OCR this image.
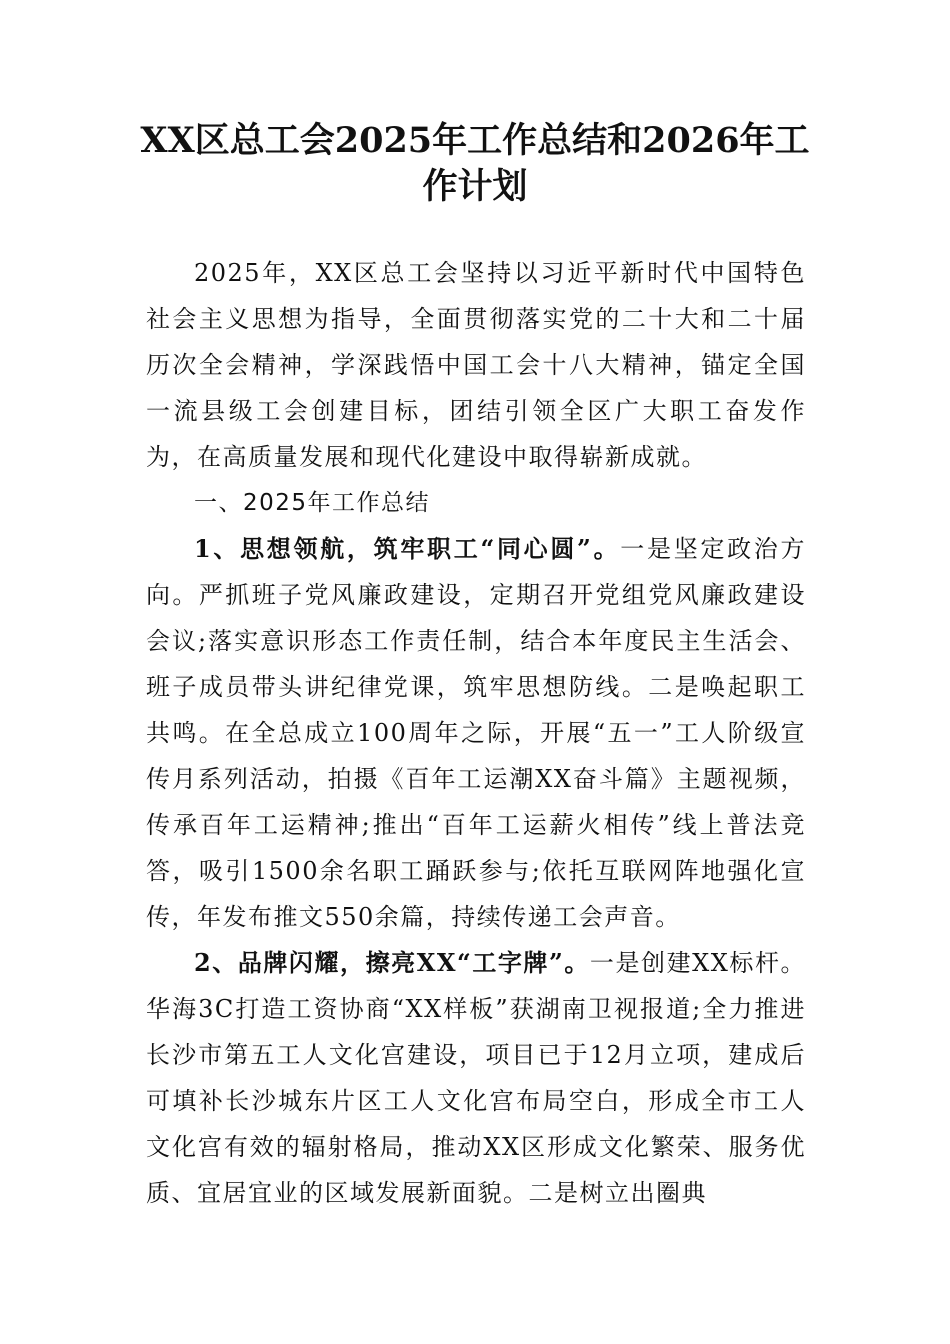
XX区总工会2025年工作总结和2026年工作计划

2025年，XX区总工会坚持以习近平新时代中国特色社会主义思想为指导，全面贯彻落实党的二十大和二十届历次全会精神，学深践悟中国工会十八大精神，锚定全国一流县级工会创建目标，团结引领全区广大职工奋发作为，在高质量发展和现代化建设中取得崭新成就。

一、2025年工作总结

1、思想领航，筑牢职工“同心圆”。一是坚定政治方向。严抓班子党风廉政建设，定期召开党组党风廉政建设会议;落实意识形态工作责任制，结合本年度民主生活会、班子成员带头讲纪律党课，筑牢思想防线。二是唤起职工共鸣。在全总成立100周年之际，开展“五一”工人阶级宣传月系列活动，拍摄《百年工运潮XX奋斗篇》主题视频，传承百年工运精神;推出“百年工运薪火相传”线上普法竞答，吸引1500余名职工踊跃参与;依托互联网阵地强化宣传，年发布推文550余篇，持续传递工会声音。

2、品牌闪耀，擦亮XX“工字牌”。一是创建XX标杆。华海3C打造工资协商“XX样板”获湖南卫视报道;全力推进长沙市第五工人文化宫建设，项目已于12月立项，建成后可填补长沙城东片区工人文化宫布局空白，形成全市工人文化宫有效的辐射格局，推动XX区形成文化繁荣、服务优质、宜居宜业的区域发展新面貌。二是树立出圈典
